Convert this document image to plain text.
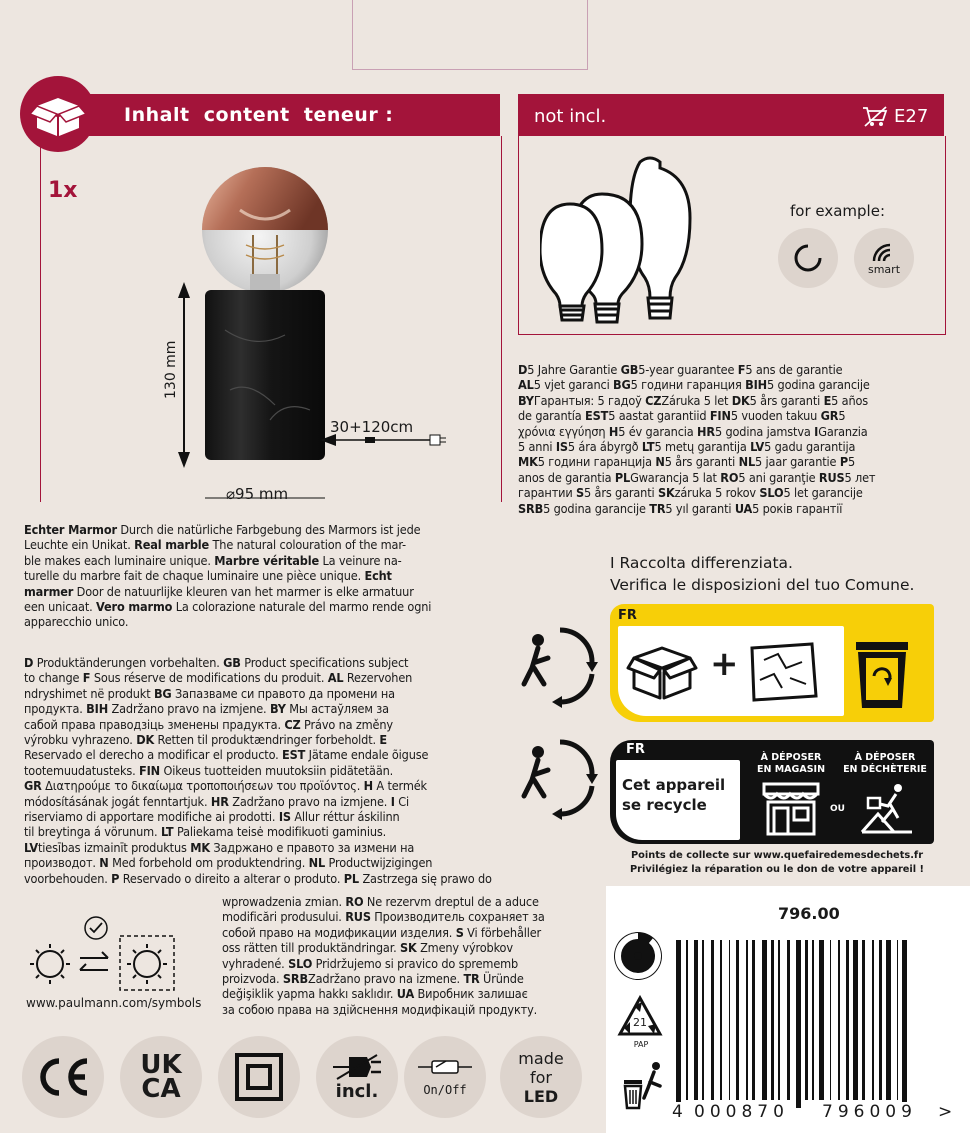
Inhalt  content  teneur :
1x
130 mm
30+120cm
⌀95 mm
not incl.	E27
for example:
smart
D5 Jahre Garantie GB5-year guarantee F5 ans de garantie
AL5 vjet garanci BG5 години гаранция BIH5 godina garancije
BYГарантыя: 5 гадоў CZZáruka 5 let DK5 års garanti E5 años
de garantía EST5 aastat garantiid FIN5 vuoden takuu GR5
χρόνια εγγύηση H5 év garancia HR5 godina jamstva IGaranzia
5 anni IS5 ára ábyrgð LT5 metų garantija LV5 gadu garantija
MK5 години гаранција N5 års garanti NL5 jaar garantie P5
anos de garantia PLGwarancja 5 lat RO5 ani garanţie RUS5 лет
гарантии S5 års garanti SKzáruka 5 rokov SLO5 let garancije
SRB5 godina garancije TR5 yıl garanti UA5 років гарантії
Echter Marmor Durch die natürliche Farbgebung des Marmors ist jede
Leuchte ein Unikat. Real marble The natural colouration of the mar-
ble makes each luminaire unique. Marbre véritable La veinure na-
turelle du marbre fait de chaque luminaire une pièce unique. Echt
marmer Door de natuurlijke kleuren van het marmer is elke armatuur
een unicaat. Vero marmo La colorazione naturale del marmo rende ogni
apparecchio unico.
D Produktänderungen vorbehalten. GB Product specifications subject
to change F Sous réserve de modifications du produit. AL Rezervohen
ndryshimet në produkt BG Запазваме си правото да промени на
продукта. BIH Zadržano pravo na izmjene. BY Мы астаўляем за
сабой права праводзіць зменены прадукта. CZ Právo na změny
výrobku vyhrazeno. DK Retten til produktændringer forbeholdt. E
Reservado el derecho a modificar el producto. EST Jätame endale õiguse
tootemuudatusteks. FIN Oikeus tuotteiden muutoksiin pidätetään.
GR Διατηρούμε το δικαίωμα τροποποιήσεων του προϊόντος. H A termék
módosításának jogát fenntartjuk. HR Zadržano pravo na izmjene. I Ci
riserviamo di apportare modifiche ai prodotti. IS Allur réttur áskilinn
til breytinga á vörunum. LT Paliekama teisė modifikuoti gaminius.
LVtiesības izmainīt produktus MK Задржано е правото за измени на
производот. N Med forbehold om produktendring. NL Productwijzigingen
voorbehouden. P Reservado o direito a alterar o produto. PL Zastrzega się prawo do
wprowadzenia zmian. RO Ne rezervm dreptul de a aduce
modificări produsului. RUS Производитель сохраняет за
собой право на модификации изделия. S Vi förbehåller
oss rätten till produktändringar. SK Zmeny výrobkov
vyhradené. SLO Pridržujemo si pravico do sprememb
proizvoda. SRBZadržano pravo na izmene. TR Üründe
değişiklik yapma hakkı saklıdır. UA Виробник залишає
за собою права на здійснення модифікацій продукту.
I Raccolta differenziata.
Verifica le disposizioni del tuo Comune.
FR
+
FR
Cet appareil
se recycle
À DÉPOSER
EN MAGASIN
OU
À DÉPOSER
EN DÉCHÈTERIE
Points de collecte sur www.quefairedemesdechets.fr
Privilégiez la réparation ou le don de votre appareil !
796.00
21
PAP
4 000870 796009 >
www.paulmann.com/symbols
UK
CA	incl.	On/Off
made
for
LED
